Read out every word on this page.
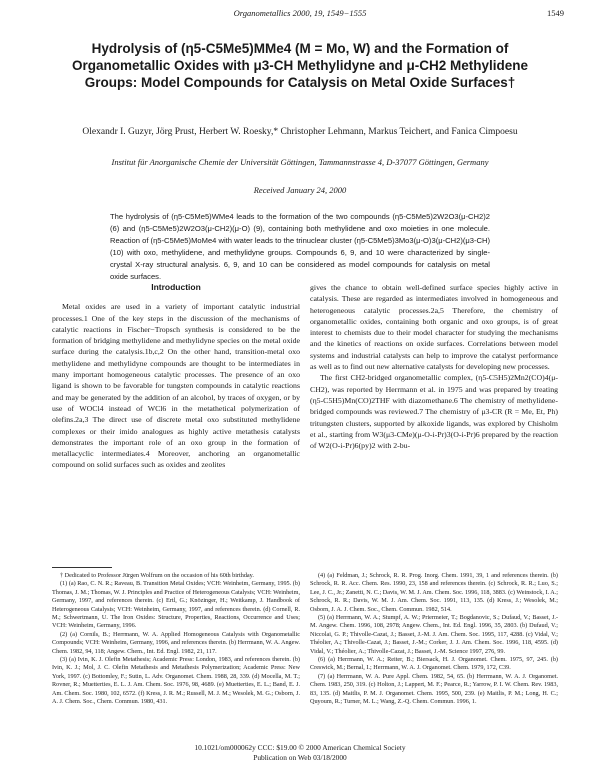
Organometallics 2000, 19, 1549−1555	1549
Hydrolysis of (η5-C5Me5)MMe4 (M = Mo, W) and the Formation of Organometallic Oxides with μ3-CH Methylidyne and μ-CH2 Methylidene Groups: Model Compounds for Catalysis on Metal Oxide Surfaces†
Olexandr I. Guzyr, Jörg Prust, Herbert W. Roesky,* Christopher Lehmann, Markus Teichert, and Fanica Cimpoesu
Institut für Anorganische Chemie der Universität Göttingen, Tammannstrasse 4, D-37077 Göttingen, Germany
Received January 24, 2000

The hydrolysis of (η5-C5Me5)WMe4 leads to the formation of the two compounds (η5-C5Me5)2W2O3(μ-CH2)2 (6) and (η5-C5Me5)2W2O3(μ-CH2)(μ-O) (9), containing both methylidene and oxo moieties in one molecule. Reaction of (η5-C5Me5)MoMe4 with water leads to the trinuclear cluster (η5-C5Me5)3Mo3(μ-O)3(μ-CH2)(μ3-CH) (10) with oxo, methylidene, and methylidyne groups. Compounds 6, 9, and 10 were characterized by single-crystal X-ray structural analysis. 6, 9, and 10 can be considered as model compounds for catalysis on metal oxide surfaces.

Introduction

Metal oxides are used in a variety of important catalytic industrial processes.1 One of the key steps in the discussion of the mechanisms of catalytic reactions in Fischer−Tropsch synthesis is considered to be the formation of bridging methylidene and methylidyne species on the metal oxide surface during the catalysis.1b,c,2 On the other hand, transition-metal oxo methylidene and methylidyne compounds are thought to be intermediates in many important homogeneous catalytic processes. The presence of an oxo ligand is shown to be favorable for tungsten compounds in catalytic reactions and may be generated by the addition of an alcohol, by traces of oxygen, or by use of WOCl4 instead of WCl6 in the metathetical polymerization of olefins.2a,3 The direct use of discrete metal oxo substituted methylidene complexes or their imido analogues as highly active metathesis catalysts demonstrates the important role of an oxo group in the formation of metallacyclic intermediates.4 Moreover, anchoring an organometallic compound on solid surfaces such as oxides and zeolites

gives the chance to obtain well-defined surface species highly active in catalysis. These are regarded as intermediates involved in homogeneous and heterogeneous catalytic processes.2a,5 Therefore, the chemistry of organometallic oxides, containing both organic and oxo groups, is of great interest to chemists due to their model character for studying the mechanisms and the kinetics of reactions on oxide surfaces. Correlations between model systems and industrial catalysts can help to improve the catalyst performance as well as to find out new alternative catalysts for developing new processes.

The first CH2-bridged organometallic complex, (η5-C5H5)2Mn2(CO)4(μ-CH2), was reported by Herrmann et al. in 1975 and was prepared by treating (η5-C5H5)Mn(CO)2THF with diazomethane.6 The chemistry of methylidene-bridged compounds was reviewed.7 The chemistry of μ3-CR (R = Me, Et, Ph) tritungsten clusters, supported by alkoxide ligands, was explored by Chisholm et al., starting from W3(μ3-CMe)(μ-O-i-Pr)3(O-i-Pr)6 prepared by the reaction of W2(O-i-Pr)6(py)2 with 2-bu-

† Dedicated to Professor Jürgen Wolfrum on the occasion of his 60th birthday.

(1) (a) Rao, C. N. R.; Raveau, B. Transition Metal Oxides; VCH: Weinheim, Germany, 1995. (b) Thomas, J. M.; Thomas, W. J. Principles and Practice of Heterogeneous Catalysis; VCH: Weinheim, Germany, 1997, and references therein. (c) Ertl, G.; Knözinger, H.; Weitkamp, J. Handbook of Heterogeneous Catalysis; VCH: Weinheim, Germany, 1997, and references therein. (d) Cornell, R. M.; Schwertmann, U. The Iron Oxides: Structure, Properties, Reactions, Occurrence and Uses; VCH: Weinheim, Germany, 1996.

(2) (a) Cornils, B.; Herrmann, W. A. Applied Homogeneous Catalysis with Organometallic Compounds; VCH: Weinheim, Germany, 1996, and references therein. (b) Herrmann, W. A. Angew. Chem. 1982, 94, 118; Angew. Chem., Int. Ed. Engl. 1982, 21, 117.

(3) (a) Ivin, K. J. Olefin Metathesis; Academic Press: London, 1983, and references therein. (b) Ivin, K. J.; Mol, J. C. Olefin Metathesis and Metathesis Polymerization; Academic Press: New York, 1997. (c) Bottomley, F.; Sutin, L. Adv. Organomet. Chem. 1988, 28, 339. (d) Mocella, M. T.; Rovner, R.; Muetterties, E. L. J. Am. Chem. Soc. 1976, 98, 4689. (e) Muetterties, E. L.; Band, E. J. Am. Chem. Soc. 1980, 102, 6572. (f) Kress, J. R. M.; Russell, M. J. M.; Wesolek, M. G.; Osborn, J. A. J. Chem. Soc., Chem. Commun. 1980, 431.

(4) (a) Feldman, J.; Schrock, R. R. Prog. Inorg. Chem. 1991, 39, 1 and references therein. (b) Schrock, R. R. Acc. Chem. Res. 1990, 23, 158 and references therein. (c) Schrock, R. R.; Luo, S.; Lee, J. C., Jr.; Zanetti, N. C.; Davis, W. M. J. Am. Chem. Soc. 1996, 118, 3883. (c) Weinstock, I. A.; Schrock, R. R.; Davis, W. M. J. Am. Chem. Soc. 1991, 113, 135. (d) Kress, J.; Wesolek, M.; Osborn, J. A. J. Chem. Soc., Chem. Commun. 1982, 514.

(5) (a) Herrmann, W. A.; Stumpf, A. W.; Priermeier, T.; Bogdanovic, S.; Dufaud, V.; Basset, J.-M. Angew. Chem. 1996, 108, 2978; Angew. Chem., Int. Ed. Engl. 1996, 35, 2803. (b) Dufaud, V.; Niccolai, G. P.; Thivolle-Cazat, J.; Basset, J.-M. J. Am. Chem. Soc. 1995, 117, 4288. (c) Vidal, V.; Théolier, A.; Thivolle-Cazat, J.; Basset, J.-M.; Corker, J. J. Am. Chem. Soc. 1996, 118, 4595. (d) Vidal, V.; Théolier, A.; Thivolle-Cazat, J.; Basset, J.-M. Science 1997, 276, 99.

(6) (a) Herrmann, W. A.; Reiter, B.; Biersack, H. J. Organomet. Chem. 1975, 97, 245. (b) Creswick, M.; Bernal, I.; Herrmann, W. A. J. Organomet. Chem. 1979, 172, C39.

(7) (a) Herrmann, W. A. Pure Appl. Chem. 1982, 54, 65. (b) Herrmann, W. A. J. Organomet. Chem. 1983, 250, 319. (c) Holton, J.; Lappert, M. F.; Pearce, R.; Yarrow, P. I. W. Chem. Rev. 1983, 83, 135. (d) Maitlis, P. M. J. Organomet. Chem. 1995, 500, 239. (e) Maitlis, P. M.; Long, H. C.; Quyoum, R.; Turner, M. L.; Wang, Z.-Q. Chem. Commun. 1996, 1.

10.1021/om000062y CCC: $19.00 © 2000 American Chemical Society
Publication on Web 03/18/2000
